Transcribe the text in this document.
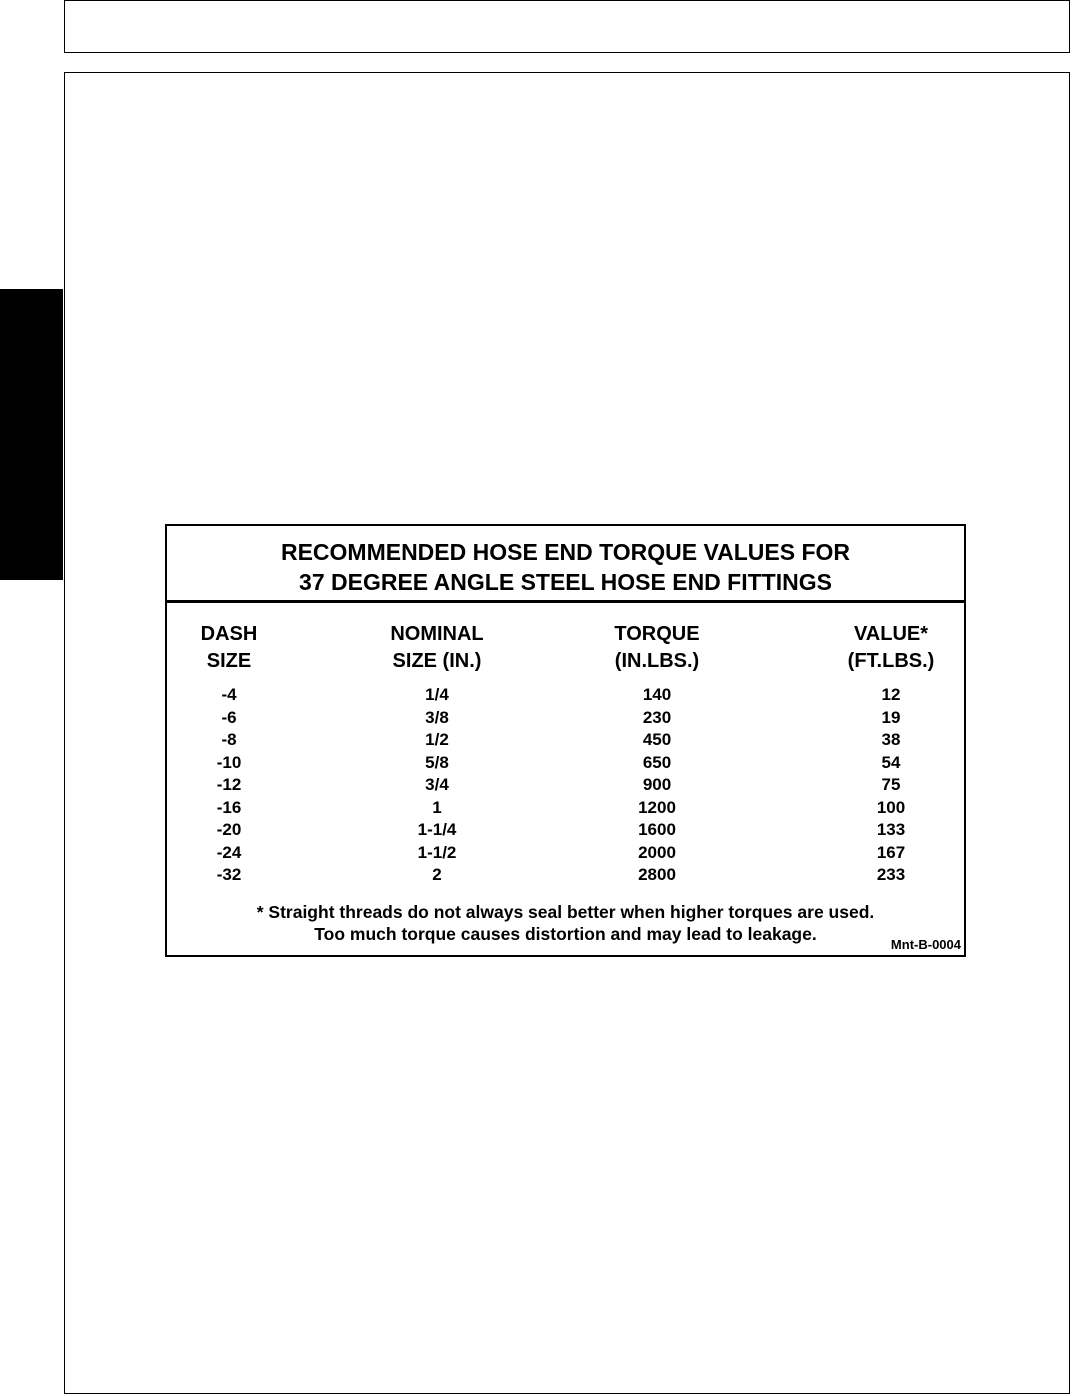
RECOMMENDED HOSE END TORQUE VALUES FOR
37 DEGREE ANGLE STEEL HOSE END FITTINGS
DASH
SIZE
-4
-6
-8
-10
-12
-16
-20
-24
-32
NOMINAL
SIZE (IN.)
1/4
3/8
1/2
5/8
3/4
1
1-1/4
1-1/2
2
TORQUE
(IN.LBS.)
140
230
450
650
900
1200
1600
2000
2800
VALUE*
(FT.LBS.)
12
19
38
54
75
100
133
167
233
* Straight threads do not always seal better when higher torques are used.
Too much torque causes distortion and may lead to leakage.
Mnt-B-0004
